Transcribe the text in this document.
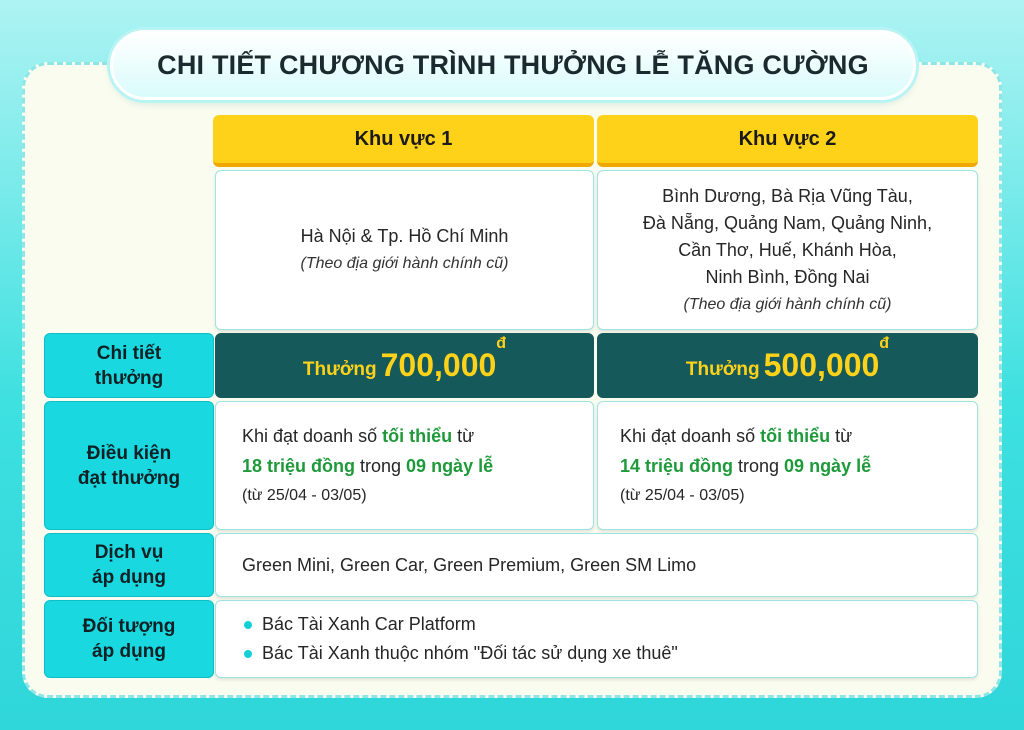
CHI TIẾT CHƯƠNG TRÌNH THƯỞNG LỄ TĂNG CƯỜNG
Khu vực 1	Khu vực 2
Hà Nội & Tp. Hồ Chí Minh
(Theo địa giới hành chính cũ)
Bình Dương, Bà Rịa Vũng Tàu,
Đà Nẵng, Quảng Nam, Quảng Ninh,
Cần Thơ, Huế, Khánh Hòa,
Ninh Bình, Đồng Nai
(Theo địa giới hành chính cũ)
Chi tiết
thưởng	Thưởng 700,000
đ
Thưởng 500,000
đ
Điều kiện
đạt thưởng
Khi đạt doanh số tối thiểu từ
18 triệu đồng trong 09 ngày lễ
(từ 25/04 - 03/05)
Khi đạt doanh số tối thiểu từ
14 triệu đồng trong 09 ngày lễ
(từ 25/04 - 03/05)
Dịch vụ
áp dụng
Green Mini, Green Car, Green Premium, Green SM Limo
Đối tượng
áp dụng
Bác Tài Xanh Car Platform
Bác Tài Xanh thuộc nhóm "Đối tác sử dụng xe thuê"
